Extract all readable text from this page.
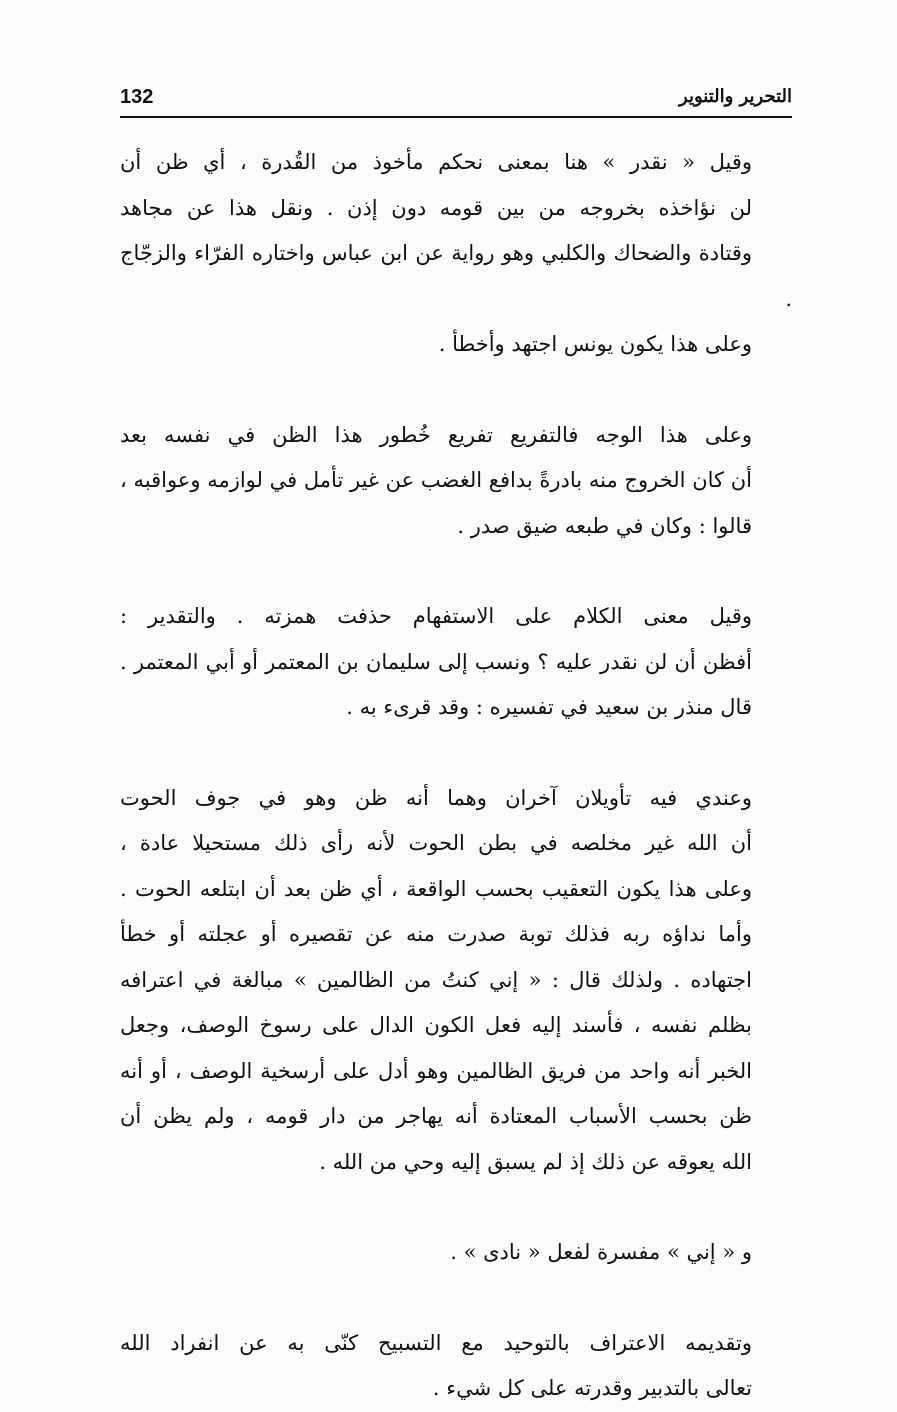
132	التحرير والتنوير

وقيل « نقدر » هنا بمعنى نحكم مأخوذ من القُدرة ، أي ظن أن
لن نؤاخذه بخروجه من بين قومه دون إذن . ونقل هذا عن مجاهد
وقتادة والضحاك والكلبي وهو رواية عن ابن عباس واختاره الفرّاء والزجّاج .
وعلى هذا يكون يونس اجتهد وأخطأ .

وعلى هذا الوجه فالتفريع تفريع خُطور هذا الظن في نفسه بعد
أن كان الخروج منه بادرةً بدافع الغضب عن غير تأمل في لوازمه وعواقبه ،
قالوا : وكان في طبعه ضيق صدر .

وقيل معنى الكلام على الاستفهام حذفت همزته . والتقدير :
أفظن أن لن نقدر عليه ؟ ونسب إلى سليمان بن المعتمر أو أبي المعتمر .
قال منذر بن سعيد في تفسيره : وقد قرىء به .

وعندي فيه تأويلان آخران وهما أنه ظن وهو في جوف الحوت
أن الله غير مخلصه في بطن الحوت لأنه رأى ذلك مستحيلا عادة ،
وعلى هذا يكون التعقيب بحسب الواقعة ، أي ظن بعد أن ابتلعه الحوت .

وأما نداؤه ربه فذلك توبة صدرت منه عن تقصيره أو عجلته أو خطأ
اجتهاده . ولذلك قال : « إني كنتُ من الظالمين » مبالغة في اعترافه
بظلم نفسه ، فأسند إليه فعل الكون الدال على رسوخ الوصف، وجعل
الخبر أنه واحد من فريق الظالمين وهو أدل على أرسخية الوصف ، أو أنه
ظن بحسب الأسباب المعتادة أنه يهاجر من دار قومه ، ولم يظن أن
الله يعوقه عن ذلك إذ لم يسبق إليه وحي من الله .

و « إني » مفسرة لفعل « نادى » .

وتقديمه الاعتراف بالتوحيد مع التسبيح كنّى به عن انفراد الله
تعالى بالتدبير وقدرته على كل شيء .
